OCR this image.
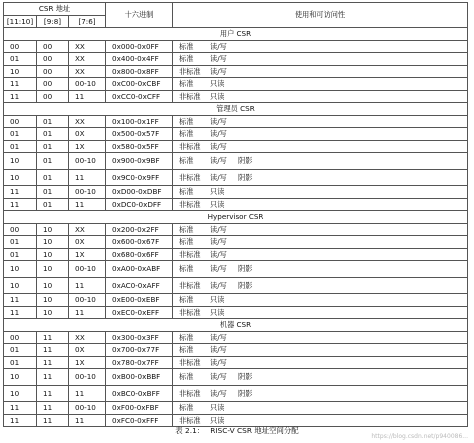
CSR 地址			十六进制	使用和可访问性
[11:10]	[9:8]	[7:6]		
用户 CSR				
00	00	XX	0x000-0x0FF	标准 读/写
01	00	XX	0x400-0x4FF	标准 读/写
10	00	XX	0x800-0x8FF	非标准 读/写
11	00	00-10	0xC00-0xCBF	标准 只读
11	00	11	0xCC0-0xCFF	非标准 只读
管理员 CSR				
00	01	XX	0x100-0x1FF	标准 读/写
01	01	0X	0x500-0x57F	标准 读/写
01	01	1X	0x580-0x5FF	非标准 读/写
10	01	00-10	0x900-0x9BF	标准 读/写 阴影
10	01	11	0x9C0-0x9FF	非标准 读/写 阴影
11	01	00-10	0xD00-0xDBF	标准 只读
11	01	11	0xDC0-0xDFF	非标准 只读
Hypervisor CSR				
00	10	XX	0x200-0x2FF	标准 读/写
01	10	0X	0x600-0x67F	标准 读/写
01	10	1X	0x680-0x6FF	非标准 读/写
10	10	00-10	0xA00-0xABF	标准 读/写 阴影
10	10	11	0xAC0-0xAFF	非标准 读/写 阴影
11	10	00-10	0xE00-0xEBF	标准 只读
11	10	11	0xEC0-0xEFF	非标准 只读
机器 CSR				
00	11	XX	0x300-0x3FF	标准 读/写
01	11	0X	0x700-0x77F	标准 读/写
01	11	1X	0x780-0x7FF	非标准 读/写
10	11	00-10	0xB00-0xBBF	标准 读/写 阴影
10	11	11	0xBC0-0xBFF	非标准 读/写 阴影
11	11	00-10	0xF00-0xFBF	标准 只读
11	11	11	0xFC0-0xFFF	非标准 只读
表 2.1： RISC-V CSR 地址空间分配
https://blog.csdn.net/p940086...
